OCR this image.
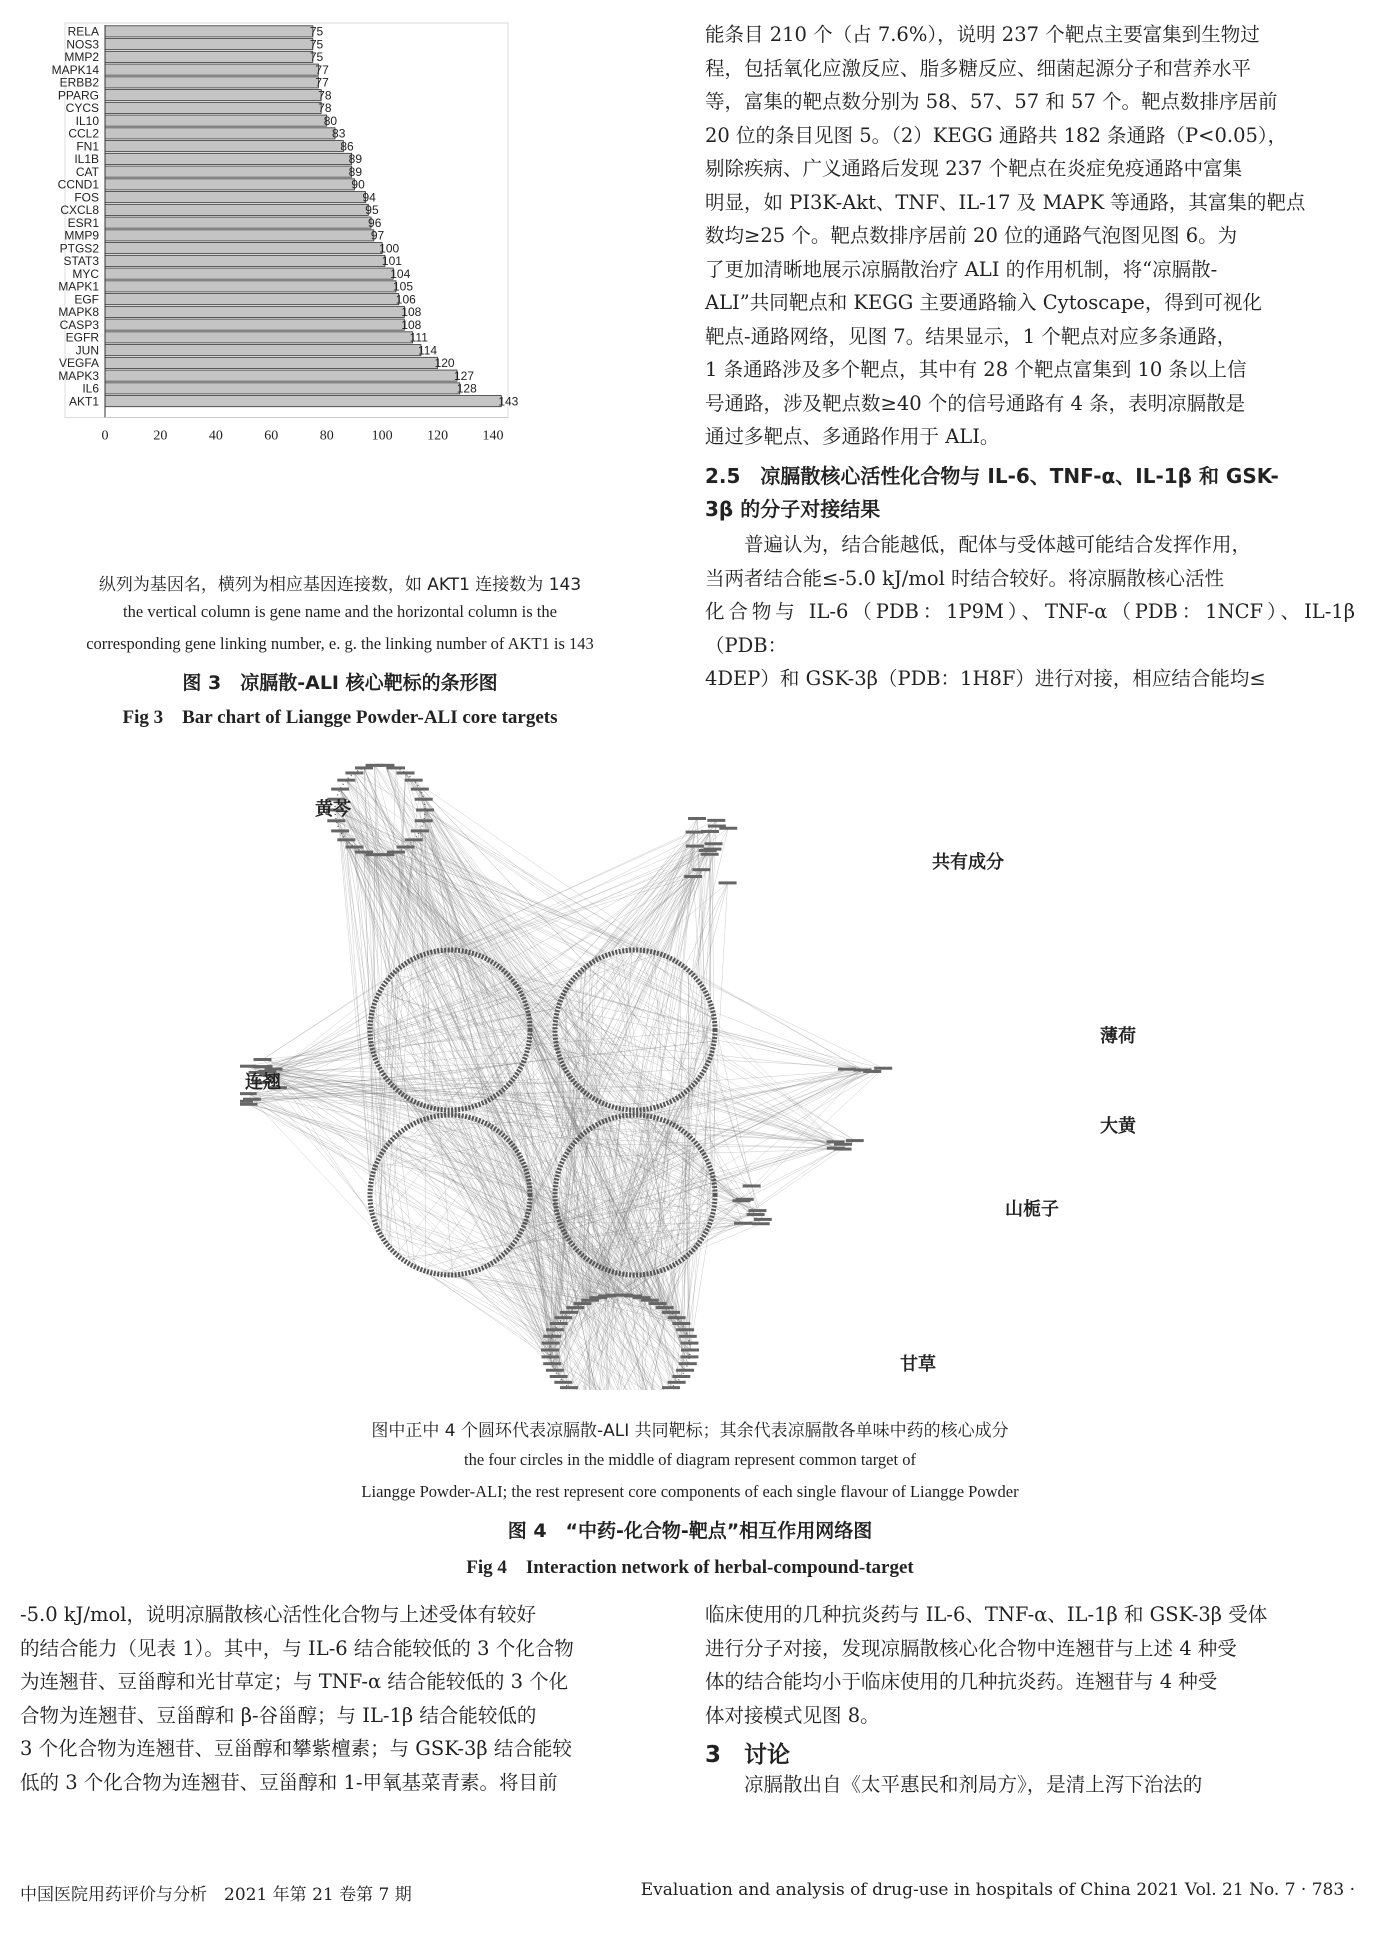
RELA	75
NOS3	75
MMP2	75
MAPK14	77
ERBB2	77
PPARG	78
CYCS	78
IL10	80
CCL2	83
FN1	86
IL1B	89
CAT	89
CCND1	90
FOS	94
CXCL8	95
ESR1	96
MMP9	97
PTGS2	100
STAT3	101
MYC	104
MAPK1	105
EGF	106
MAPK8	108
CASP3	108
EGFR	111
JUN	114
VEGFA	120
MAPK3	127
IL6	128
AKT1	143
0	20	40	60	80	100 120 140
纵列为基因名，横列为相应基因连接数，如 AKT1 连接数为 143
the vertical column is gene name and the horizontal column is the
corresponding gene linking number, e. g. the linking number of AKT1 is 143
图 3　凉膈散-ALI 核心靶标的条形图
Fig 3　Bar chart of Liangge Powder-ALI core targets

能条目 210 个（占 7.6%），说明 237 个靶点主要富集到生物过

程，包括氧化应激反应、脂多糖反应、细菌起源分子和营养水平

等，富集的靶点数分别为 58、57、57 和 57 个。靶点数排序居前

20 位的条目见图 5。（2）KEGG 通路共 182 条通路（P<0.05），

剔除疾病、广义通路后发现 237 个靶点在炎症免疫通路中富集

明显，如 PI3K-Akt、TNF、IL-17 及 MAPK 等通路，其富集的靶点

数均≥25 个。靶点数排序居前 20 位的通路气泡图见图 6。为

了更加清晰地展示凉膈散治疗 ALI 的作用机制，将“凉膈散-

ALI”共同靶点和 KEGG 主要通路输入 Cytoscape，得到可视化

靶点-通路网络，见图 7。结果显示，1 个靶点对应多条通路，

1 条通路涉及多个靶点，其中有 28 个靶点富集到 10 条以上信

号通路，涉及靶点数≥40 个的信号通路有 4 条，表明凉膈散是

通过多靶点、多通路作用于 ALI。

2.5　凉膈散核心活性化合物与 IL-6、TNF-α、IL-1β 和 GSK-
3β 的分子对接结果

普遍认为，结合能越低，配体与受体越可能结合发挥作用，

当两者结合能≤-5.0 kJ/mol 时结合较好。将凉膈散核心活性

化合物与 IL-6（PDB：1P9M）、TNF-α（PDB：1NCF）、IL-1β（PDB：

4DEP）和 GSK-3β（PDB：1H8F）进行对接，相应结合能均≤

黄芩
共有成分
连翘
薄荷
大黄
山栀子
甘草
图中正中 4 个圆环代表凉膈散-ALI 共同靶标；其余代表凉膈散各单味中药的核心成分
the four circles in the middle of diagram represent common target of
Liangge Powder-ALI; the rest represent core components of each single flavour of Liangge Powder
图 4　“中药-化合物-靶点”相互作用网络图
Fig 4　Interaction network of herbal-compound-target

-5.0 kJ/mol，说明凉膈散核心活性化合物与上述受体有较好

的结合能力（见表 1）。其中，与 IL-6 结合能较低的 3 个化合物

为连翘苷、豆甾醇和光甘草定；与 TNF-α 结合能较低的 3 个化

合物为连翘苷、豆甾醇和 β-谷甾醇；与 IL-1β 结合能较低的

3 个化合物为连翘苷、豆甾醇和攀紫檀素；与 GSK-3β 结合能较

低的 3 个化合物为连翘苷、豆甾醇和 1-甲氧基菜青素。将目前

临床使用的几种抗炎药与 IL-6、TNF-α、IL-1β 和 GSK-3β 受体

进行分子对接，发现凉膈散核心化合物中连翘苷与上述 4 种受

体的结合能均小于临床使用的几种抗炎药。连翘苷与 4 种受

体对接模式见图 8。

3　讨论

凉膈散出自《太平惠民和剂局方》，是清上泻下治法的

中国医院用药评价与分析　2021 年第 21 卷第 7 期	Evaluation and analysis of drug-use in hospitals of China 2021 Vol. 21 No. 7 · 783 ·
